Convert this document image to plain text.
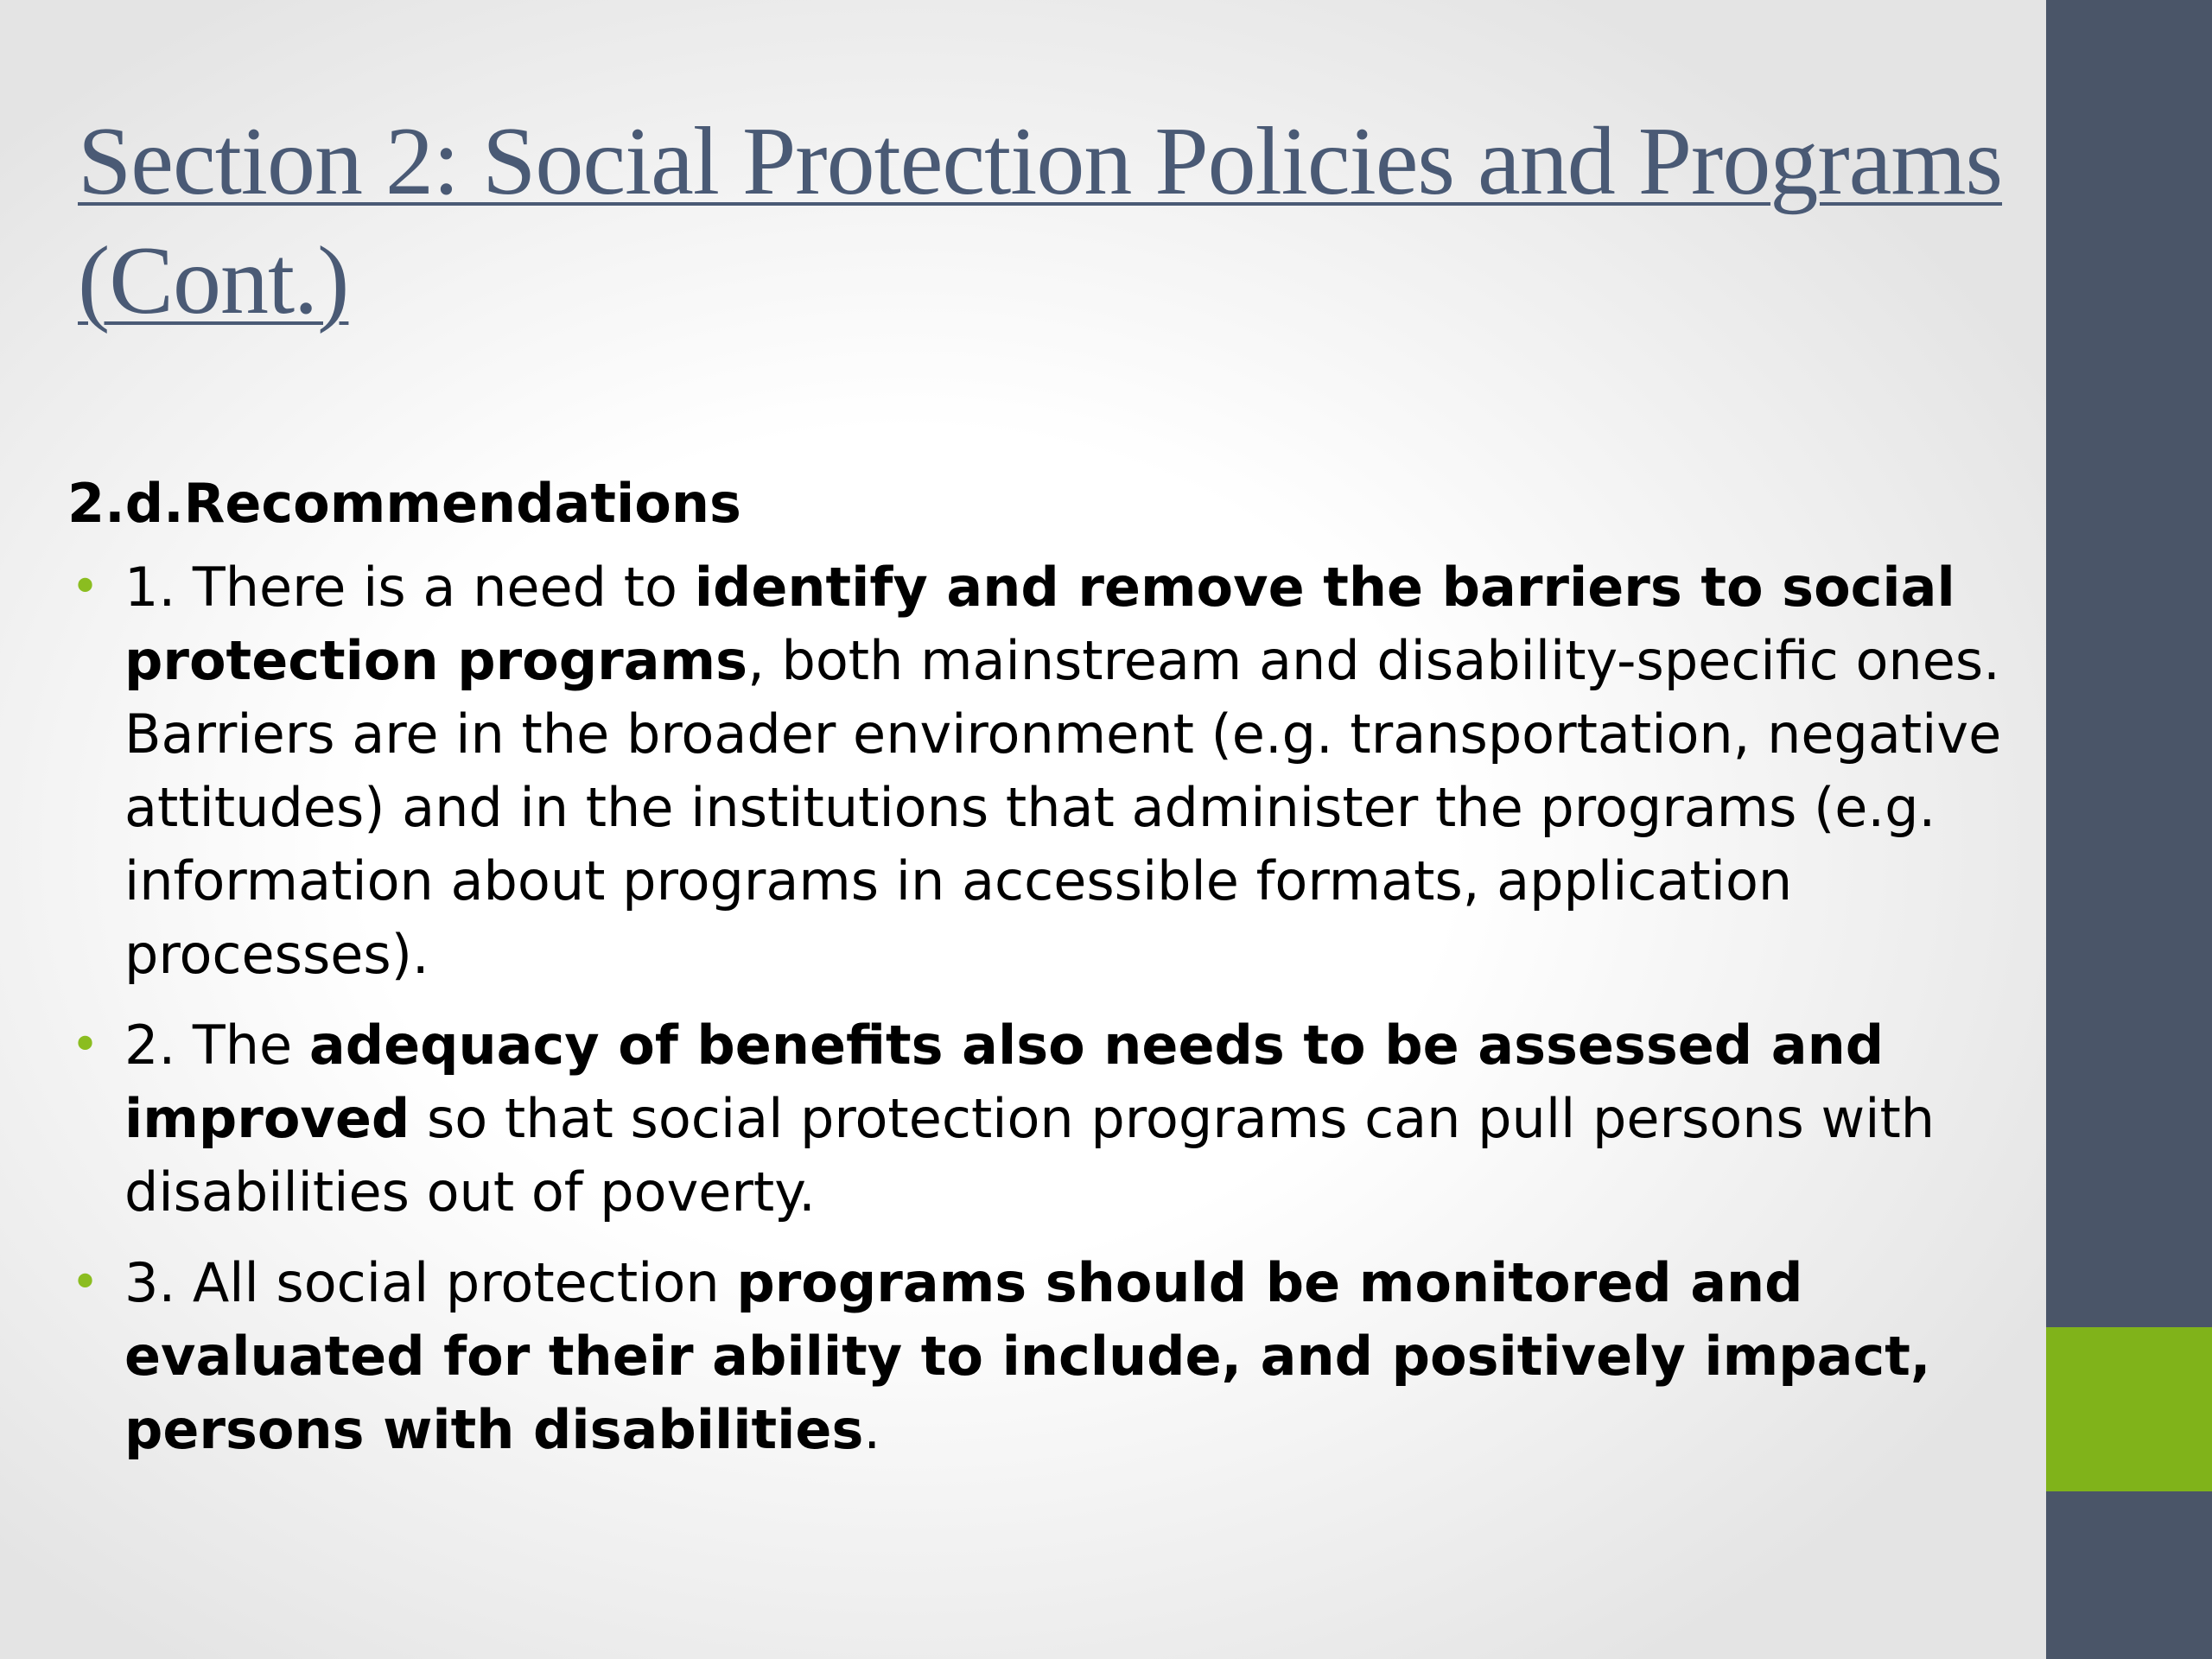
Section 2: Social Protection Policies and Programs (Cont.)
2.d.Recommendations
• 1. There is a need to identify and remove the barriers to social protection programs, both mainstream and disability-specific ones. Barriers are in the broader environment (e.g. transportation, negative attitudes) and in the institutions that administer the programs (e.g. information about programs in accessible formats, application processes).
• 2. The adequacy of benefits also needs to be assessed and improved so that social protection programs can pull persons with disabilities out of poverty.
• 3. All social protection programs should be monitored and evaluated for their ability to include, and positively impact, persons with disabilities.
